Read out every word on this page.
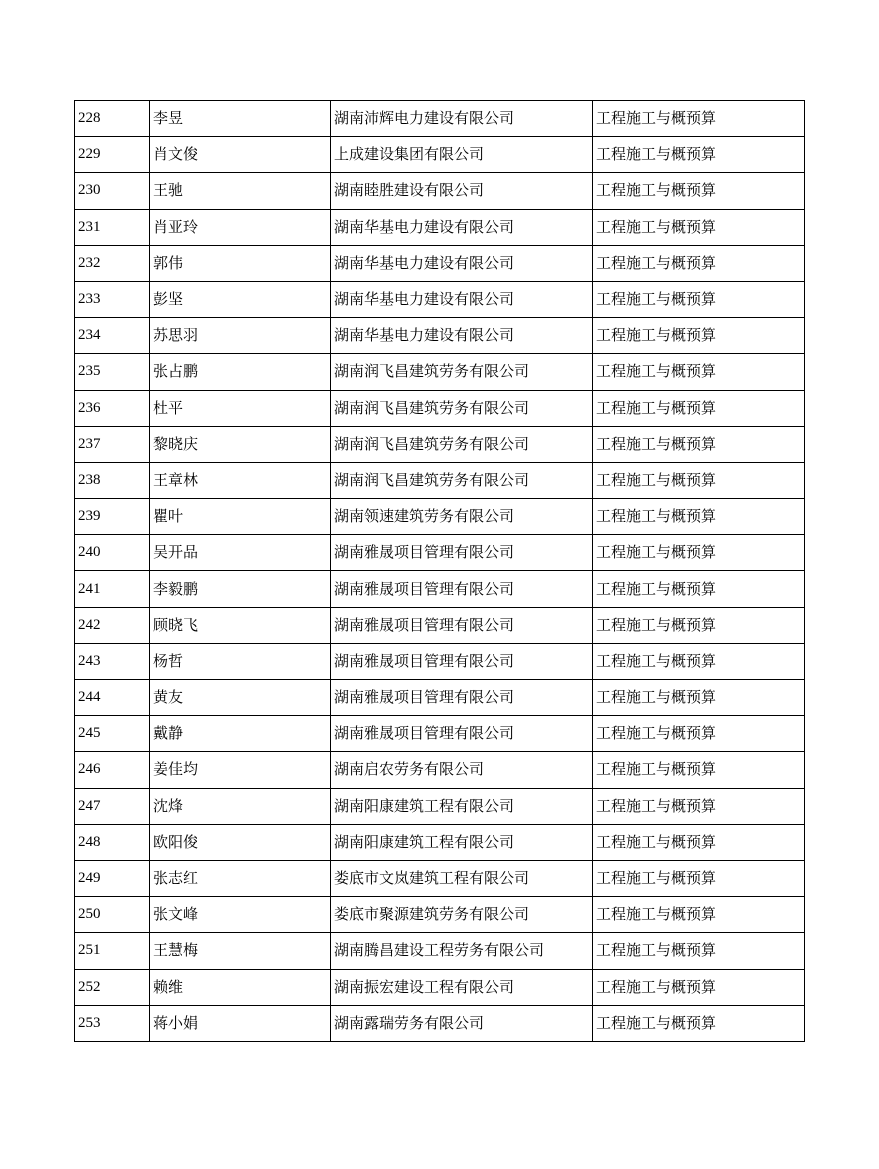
228	李昱	湖南沛辉电力建设有限公司	工程施工与概预算
229	肖文俊	上成建设集团有限公司	工程施工与概预算
230	王驰	湖南睦胜建设有限公司	工程施工与概预算
231	肖亚玲	湖南华基电力建设有限公司	工程施工与概预算
232	郭伟	湖南华基电力建设有限公司	工程施工与概预算
233	彭坚	湖南华基电力建设有限公司	工程施工与概预算
234	苏思羽	湖南华基电力建设有限公司	工程施工与概预算
235	张占鹏	湖南润飞昌建筑劳务有限公司	工程施工与概预算
236	杜平	湖南润飞昌建筑劳务有限公司	工程施工与概预算
237	黎晓庆	湖南润飞昌建筑劳务有限公司	工程施工与概预算
238	王章林	湖南润飞昌建筑劳务有限公司	工程施工与概预算
239	瞿叶	湖南领速建筑劳务有限公司	工程施工与概预算
240	吴开品	湖南雅晟项目管理有限公司	工程施工与概预算
241	李毅鹏	湖南雅晟项目管理有限公司	工程施工与概预算
242	顾晓飞	湖南雅晟项目管理有限公司	工程施工与概预算
243	杨哲	湖南雅晟项目管理有限公司	工程施工与概预算
244	黄友	湖南雅晟项目管理有限公司	工程施工与概预算
245	戴静	湖南雅晟项目管理有限公司	工程施工与概预算
246	姜佳均	湖南启农劳务有限公司	工程施工与概预算
247	沈烽	湖南阳康建筑工程有限公司	工程施工与概预算
248	欧阳俊	湖南阳康建筑工程有限公司	工程施工与概预算
249	张志红	娄底市文岚建筑工程有限公司	工程施工与概预算
250	张文峰	娄底市聚源建筑劳务有限公司	工程施工与概预算
251	王慧梅	湖南腾昌建设工程劳务有限公司	工程施工与概预算
252	赖维	湖南振宏建设工程有限公司	工程施工与概预算
253	蒋小娟	湖南露瑞劳务有限公司	工程施工与概预算
